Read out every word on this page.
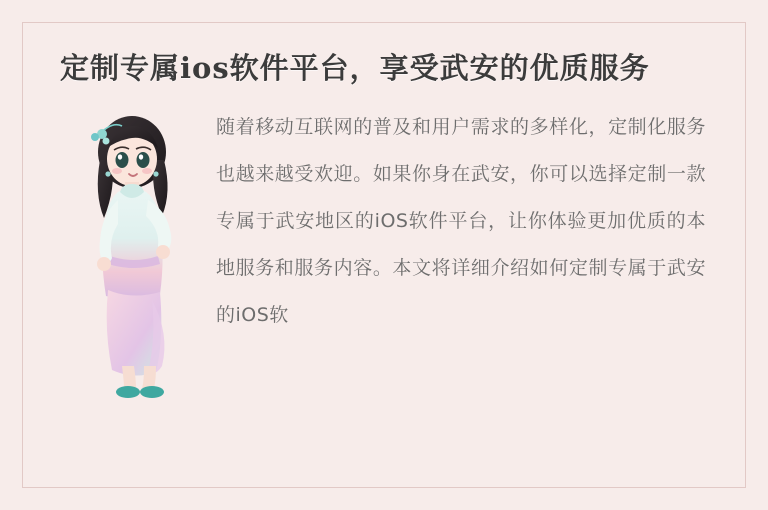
定制专属ios软件平台，享受武安的优质服务

随着移动互联网的普及和用户需求的多样化，定制化服务也越来越受欢迎。如果你身在武安，你可以选择定制一款专属于武安地区的iOS软件平台，让你体验更加优质的本地服务和服务内容。本文将详细介绍如何定制专属于武安的iOS软
